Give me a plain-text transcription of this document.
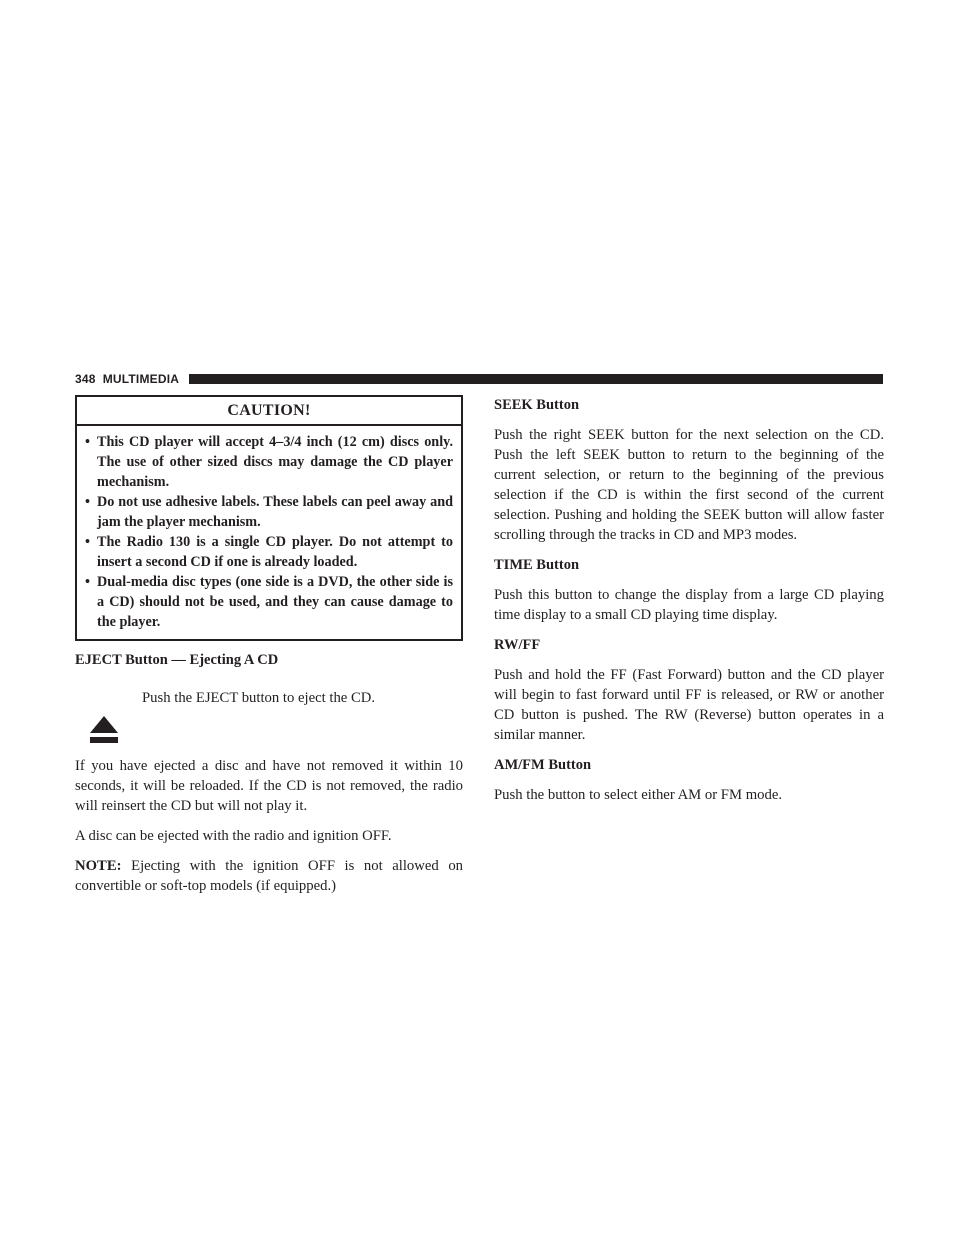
348 MULTIMEDIA
CAUTION!
• This CD player will accept 4–3/4 inch (12 cm) discs only. The use of other sized discs may damage the CD player mechanism.
• Do not use adhesive labels. These labels can peel away and jam the player mechanism.
• The Radio 130 is a single CD player. Do not attempt to insert a second CD if one is already loaded.
• Dual-media disc types (one side is a DVD, the other side is a CD) should not be used, and they can cause damage to the player.
EJECT Button — Ejecting A CD
Push the EJECT button to eject the CD.

If you have ejected a disc and have not removed it within 10 seconds, it will be reloaded. If the CD is not removed, the radio will reinsert the CD but will not play it.

A disc can be ejected with the radio and ignition OFF.

NOTE: Ejecting with the ignition OFF is not allowed on convertible or soft-top models (if equipped.)

SEEK Button

Push the right SEEK button for the next selection on the CD. Push the left SEEK button to return to the beginning of the current selection, or return to the beginning of the previous selection if the CD is within the first second of the current selection. Pushing and holding the SEEK button will allow faster scrolling through the tracks in CD and MP3 modes.

TIME Button

Push this button to change the display from a large CD playing time display to a small CD playing time display.

RW/FF

Push and hold the FF (Fast Forward) button and the CD player will begin to fast forward until FF is released, or RW or another CD button is pushed. The RW (Reverse) button operates in a similar manner.

AM/FM Button

Push the button to select either AM or FM mode.
